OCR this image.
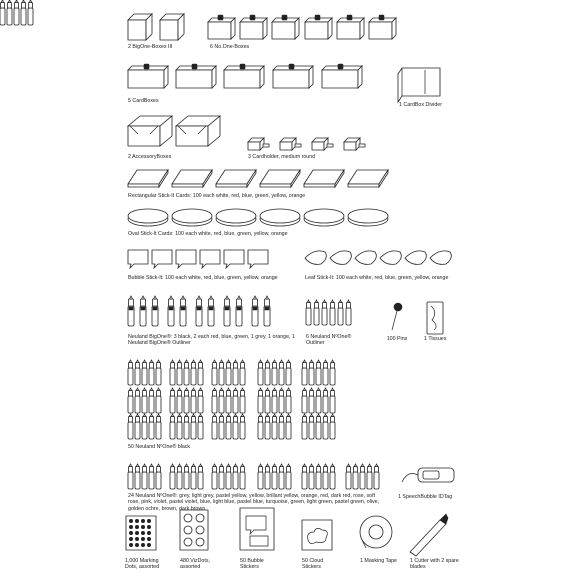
2 BigOne-Boxes III	6 No.One-Boxes
5 CardBoxes
1 CardBox Divider
2 AccessoryBoxes	3 Cardholder, medium round
Rectangular Stick-It Cards: 100 each white, red, blue, green, yellow, orange
Oval Stick-It Cards: 100 each white, red, blue, green, yellow, orange
Bubble Stick-It: 100 each white, red, blue, green, yellow, orange	Leaf Stick-It: 100 each white, red, blue, green, yellow, orange
Neuland BigOne®: 3 black, 2 each red, blue, green, 1 grey, 1 orange, 1 Neuland BigOne® Outliner
6 Neuland NºOne® Outliner
100 Pins	1 Tissues
50 Neuland NºOne® black
24 Neuland NºOne®: grey, light grey, pastel yellow, yellow, brillant yellow, orange, red, dark red, rose, soft rose, pink, violet, pastel violet, blue, light blue, pastel blue, turquoise, green, light green, pastel green, olive, golden ochre, brown, dark brown
1 SpeechBubble IDTag
1,000 Marking Dots, assorted
480 VizDots, assorted
50 Bubble Stickers
50 Cloud Stickers
1 Masking Tape 1 Cutter with 2 spare blades
